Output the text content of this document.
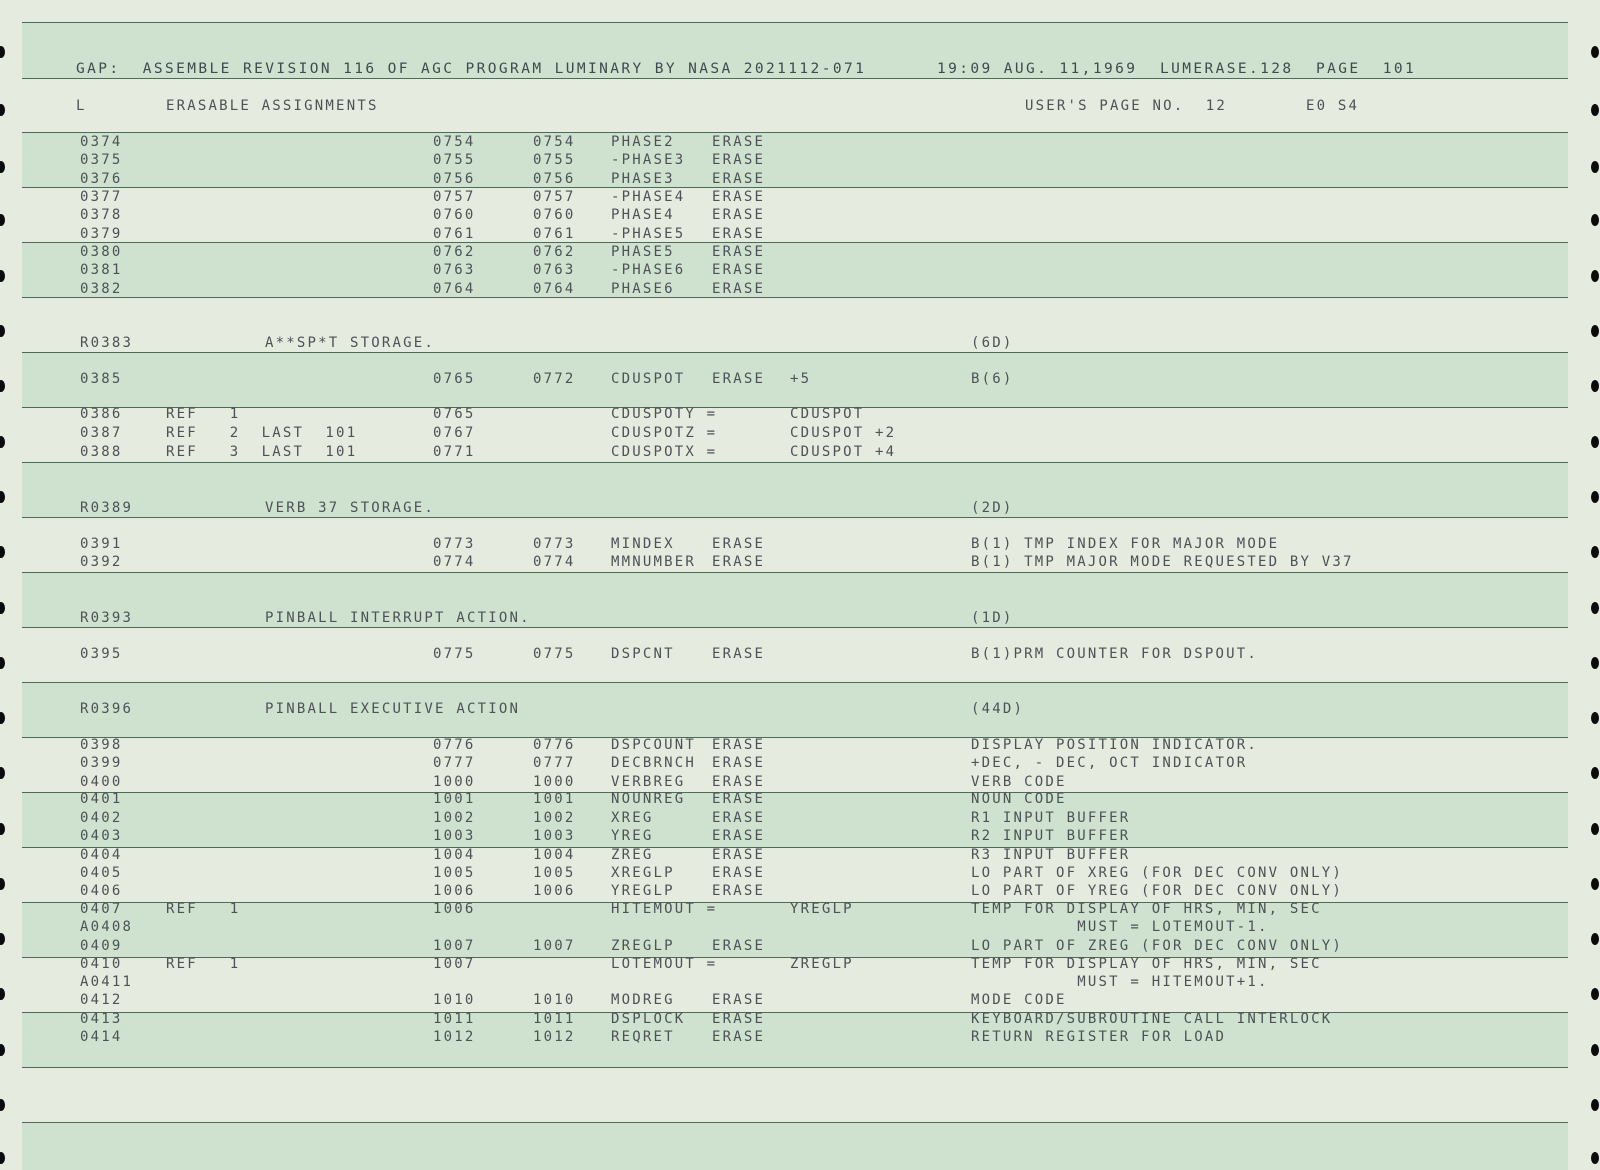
GAP:  ASSEMBLE REVISION 116 OF AGC PROGRAM LUMINARY BY NASA 2021112-071	19:09 AUG. 11,1969 LUMERASE.128 PAGE  101
L	ERASABLE ASSIGNMENTS	USER'S PAGE NO.  12	E0 S4
0374	0754	0754	PHASE2	ERASE
0375	0755	0755	-PHASE3 ERASE
0376	0756	0756	PHASE3	ERASE
0377	0757	0757	-PHASE4 ERASE
0378	0760	0760	PHASE4	ERASE
0379	0761	0761	-PHASE5 ERASE
0380	0762	0762	PHASE5	ERASE
0381	0763	0763	-PHASE6 ERASE
0382	0764	0764	PHASE6	ERASE
R0383	A**SP*T STORAGE.	(6D)
0385	0765	0772	CDUSPOT ERASE +5	B(6)
0386	REF   1	0765	CDUSPOTY =	CDUSPOT
0387	REF   2  LAST  101	0767	CDUSPOTZ =	CDUSPOT +2
0388	REF   3  LAST  101	0771	CDUSPOTX =	CDUSPOT +4
R0389	VERB 37 STORAGE.	(2D)
0391	0773	0773	MINDEX	ERASE	B(1) TMP INDEX FOR MAJOR MODE
0392	0774	0774	MMNUMBER ERASE	B(1) TMP MAJOR MODE REQUESTED BY V37
R0393	PINBALL INTERRUPT ACTION.	(1D)
0395	0775	0775	DSPCNT	ERASE	B(1)PRM COUNTER FOR DSPOUT.
R0396	PINBALL EXECUTIVE ACTION	(44D)
0398	0776	0776	DSPCOUNT ERASE	DISPLAY POSITION INDICATOR.
0399	0777	0777	DECBRNCH ERASE	+DEC, - DEC, OCT INDICATOR
0400	1000	1000	VERBREG ERASE	VERB CODE
0401	1001	1001	NOUNREG ERASE	NOUN CODE
0402	1002	1002	XREG	ERASE	R1 INPUT BUFFER
0403	1003	1003	YREG	ERASE	R2 INPUT BUFFER
0404	1004	1004	ZREG	ERASE	R3 INPUT BUFFER
0405	1005	1005	XREGLP	ERASE	LO PART OF XREG (FOR DEC CONV ONLY)
0406	1006	1006	YREGLP	ERASE	LO PART OF YREG (FOR DEC CONV ONLY)
0407	REF   1	1006	HITEMOUT =	YREGLP	TEMP FOR DISPLAY OF HRS, MIN, SEC
A0408	MUST = LOTEMOUT-1.
0409	1007	1007	ZREGLP	ERASE	LO PART OF ZREG (FOR DEC CONV ONLY)
0410	REF   1	1007	LOTEMOUT =	ZREGLP	TEMP FOR DISPLAY OF HRS, MIN, SEC
A0411	MUST = HITEMOUT+1.
0412	1010	1010	MODREG	ERASE	MODE CODE
0413	1011	1011	DSPLOCK ERASE	KEYBOARD/SUBROUTINE CALL INTERLOCK
0414	1012	1012	REQRET	ERASE	RETURN REGISTER FOR LOAD
